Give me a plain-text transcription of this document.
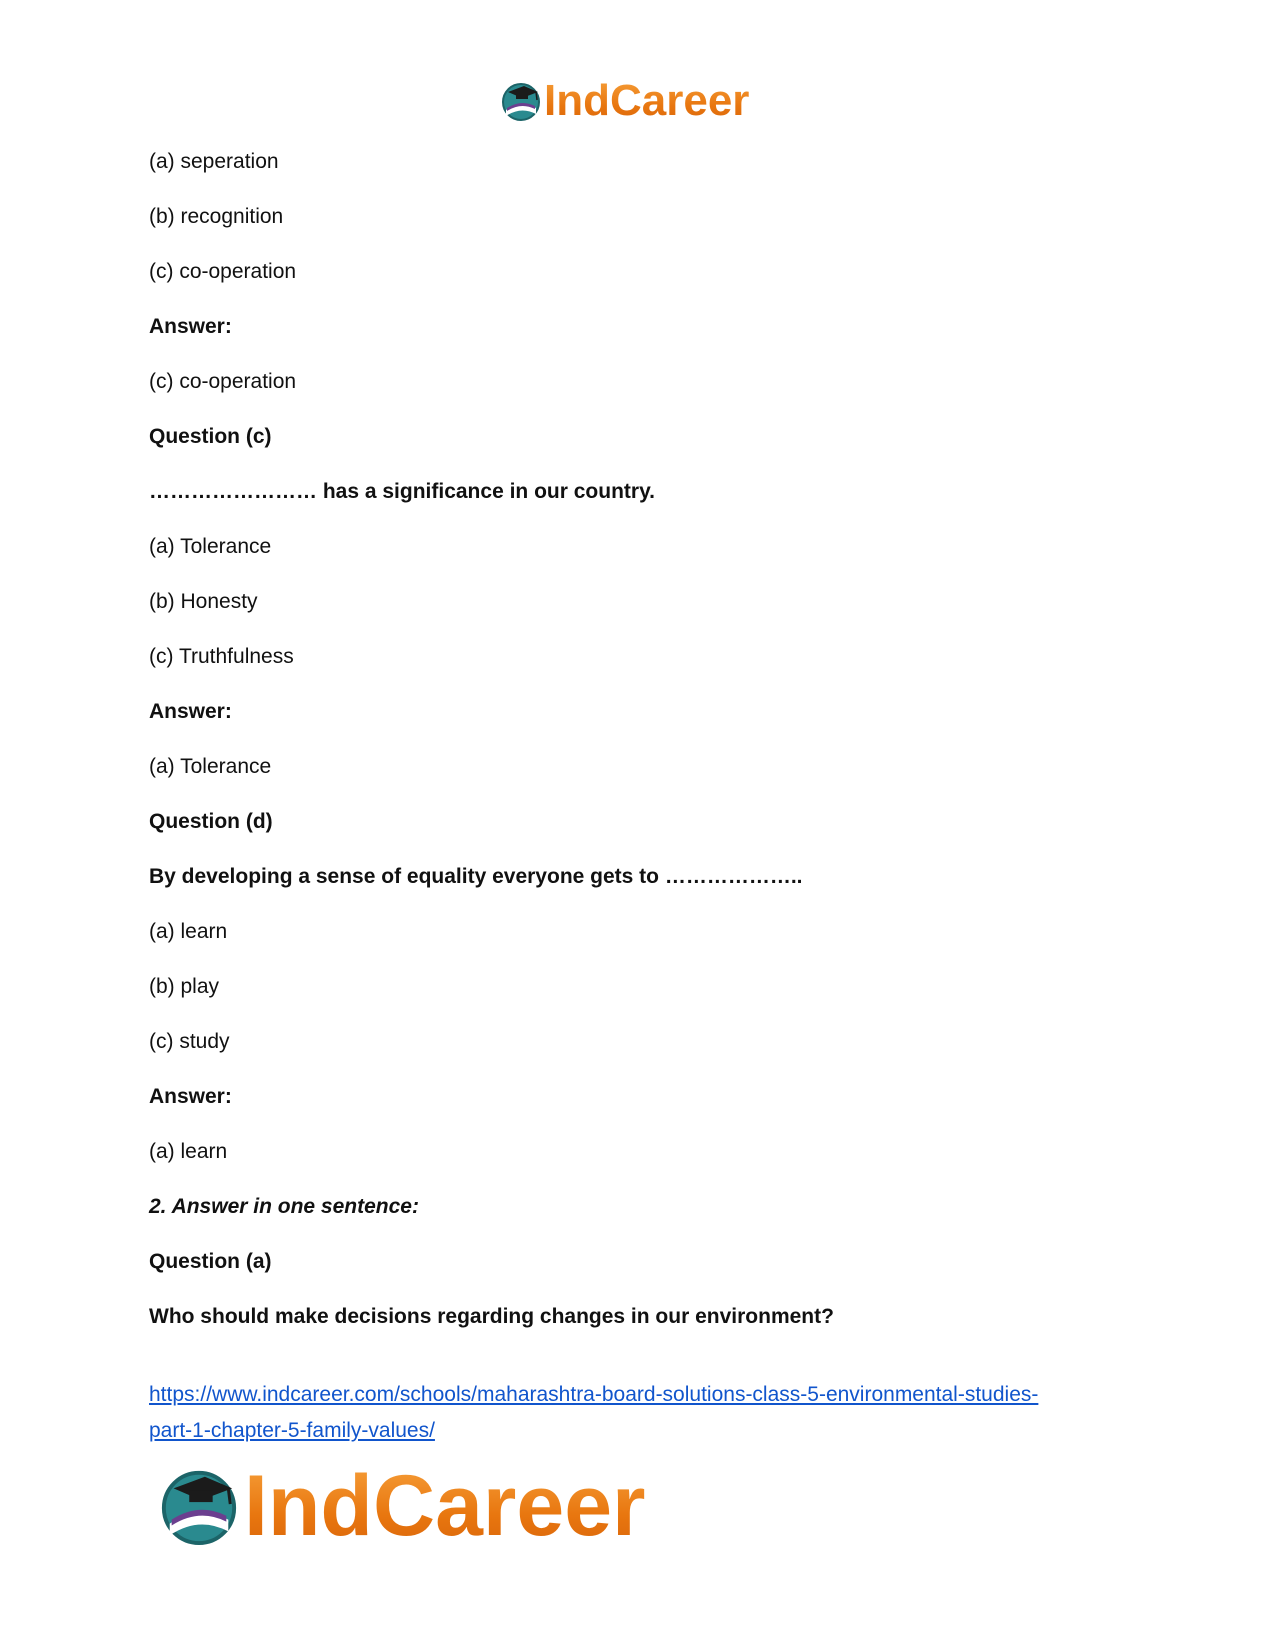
IndCareer
(a) seperation
(b) recognition
(c) co-operation
Answer:
(c) co-operation
Question (c)
…………………… has a significance in our country.
(a) Tolerance
(b) Honesty
(c) Truthfulness
Answer:
(a) Tolerance
Question (d)
By developing a sense of equality everyone gets to ………………..
(a) learn
(b) play
(c) study
Answer:
(a) learn
2. Answer in one sentence:
Question (a)
Who should make decisions regarding changes in our environment?
https://www.indcareer.com/schools/maharashtra-board-solutions-class-5-environmental-studies-
part-1-chapter-5-family-values/
IndCareer
